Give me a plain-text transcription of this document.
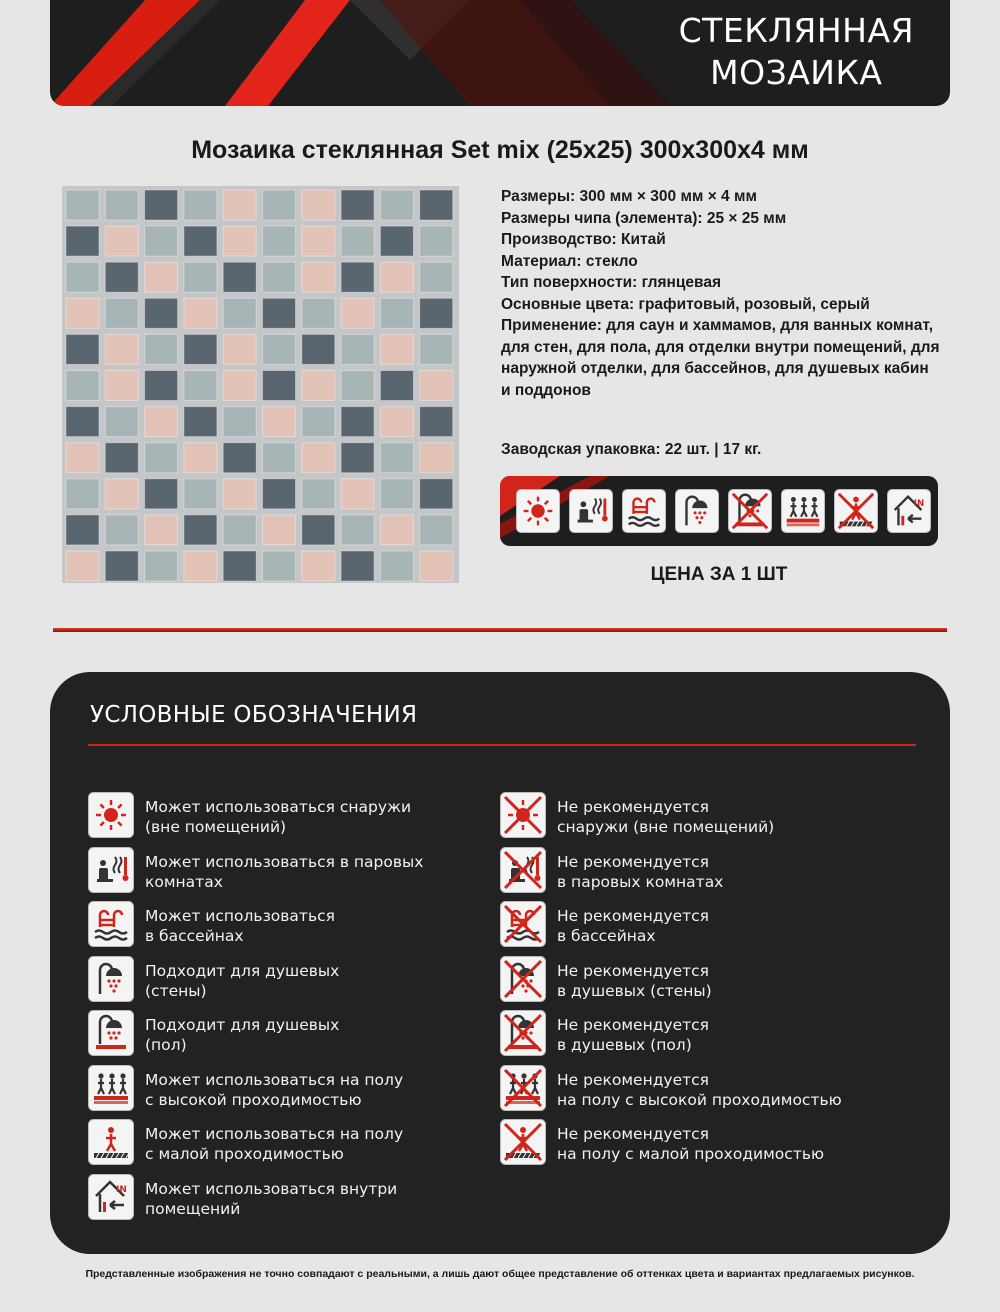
СТЕКЛЯННАЯ
МОЗАИКА
Мозаика стеклянная Set mix (25x25) 300x300x4 мм
Размеры: 300 мм × 300 мм × 4 мм
Размеры чипа (элемента): 25 × 25 мм
Производство: Китай
Материал: стекло
Тип поверхности: глянцевая
Основные цвета: графитовый, розовый, серый
Применение: для саун и хаммамов, для ванных комнат, для стен, для пола, для отделки внутри помещений, для наружной отделки, для бассейнов, для душевых кабин и поддонов
Заводская упаковка: 22 шт. | 17 кг.
IN
ЦЕНА ЗА 1 ШТ
УСЛОВНЫЕ ОБОЗНАЧЕНИЯ
Может использоваться снаружи
(вне помещений)
Может использоваться в паровых
комнатах
Может использоваться
в бассейнах
Подходит для душевых
(стены)
Подходит для душевых
(пол)
Может использоваться на полу
с высокой проходимостью
Может использоваться на полу
с малой проходимостью
IN Может использоваться внутри
помещений
Не рекомендуется
снаружи (вне помещений)
Не рекомендуется
в паровых комнатах
Не рекомендуется
в бассейнах
Не рекомендуется
в душевых (стены)
Не рекомендуется
в душевых (пол)
Не рекомендуется
на полу с высокой проходимостью
Не рекомендуется
на полу с малой проходимостью
Представленные изображения не точно совпадают с реальными, а лишь дают общее представление об оттенках цвета и вариантах предлагаемых рисунков.
